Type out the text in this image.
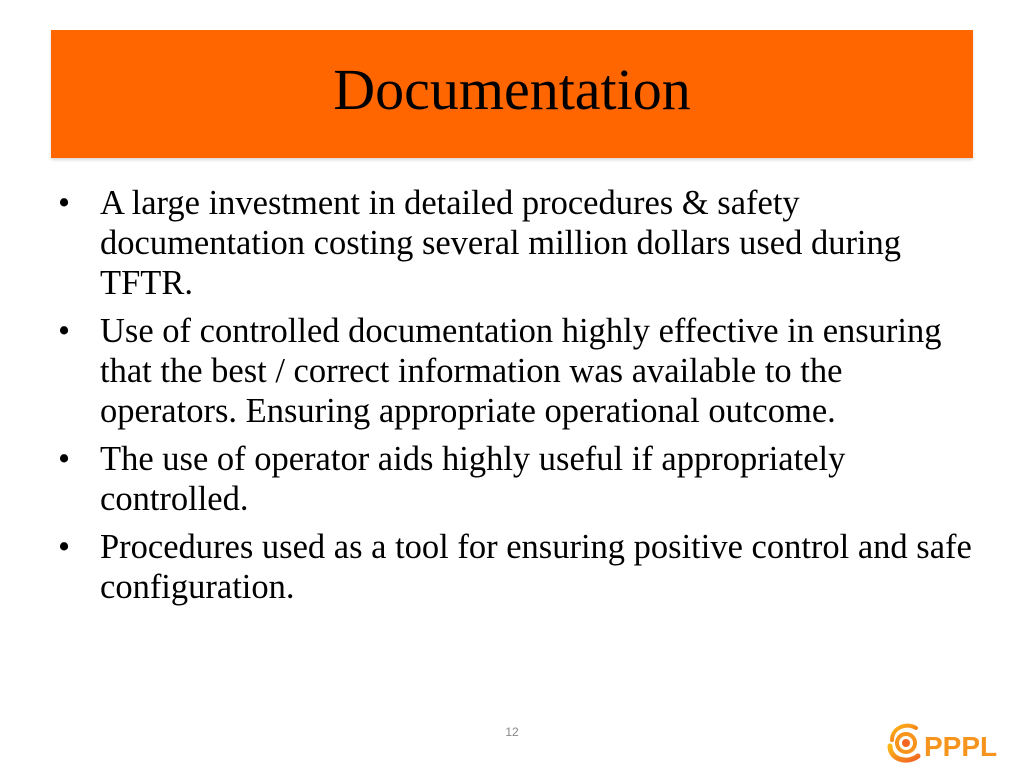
Documentation
• A large investment in detailed procedures & safety documentation costing several million dollars used during TFTR.
• Use of controlled documentation highly effective in ensuring that the best / correct information was available to the operators. Ensuring appropriate operational outcome.
• The use of operator aids highly useful if appropriately controlled.
• Procedures used as a tool for ensuring positive control and safe configuration.
12	PPPL
